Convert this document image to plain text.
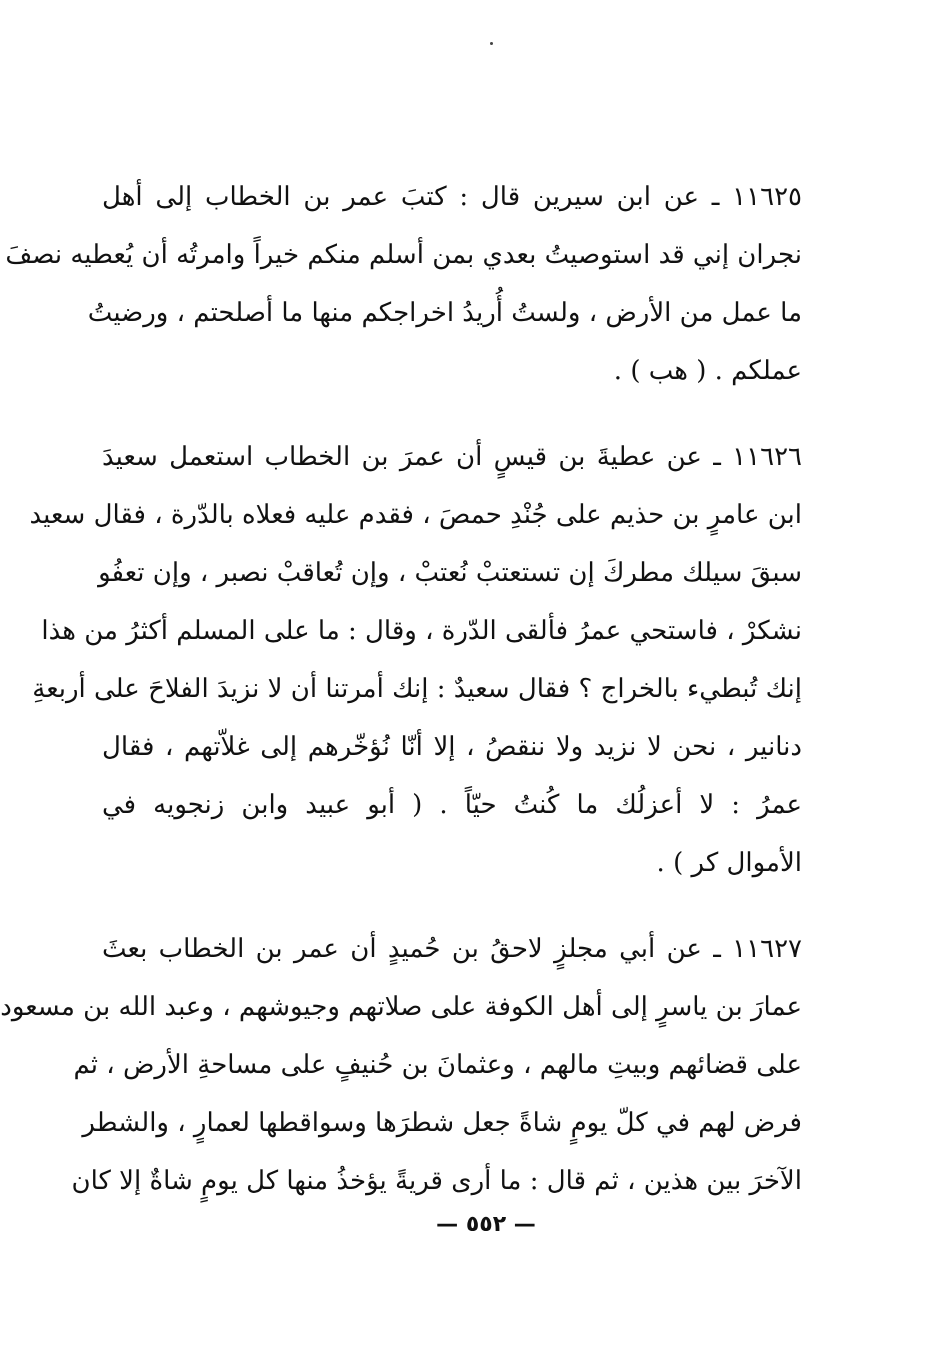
١١٦٢٥ ـ عن ابن سيرين قال : كتبَ عمر بن الخطاب إلى أهل
نجران إني قد استوصيتُ بعدي بمن أسلم منكم خيراً وامرتُه أن يُعطيه نصفَ
ما عمل من الأرض ، ولستُ أُريدُ اخراجكم منها ما أصلحتم ، ورضيتُ
عملكم . ( هب ) .
١١٦٢٦ ـ عن عطيةَ بن قيسٍ أن عمرَ بن الخطاب استعمل سعيدَ
ابن عامرٍ بن حذيم على جُنْدِ حمصَ ، فقدم عليه فعلاه بالدّرة ، فقال سعيد
سبقَ سيلك مطركَ إن تستعتبْ نُعتبْ ، وإن تُعاقبْ نصبر ، وإن تعفُو
نشكرْ ، فاستحي عمرُ فألقى الدّرة ، وقال : ما على المسلم أكثرُ من هذا
إنك تُبطيء بالخراج ؟ فقال سعيدٌ : إنك أمرتنا أن لا نزيدَ الفلاحَ على أربعةِ
دنانير ، نحن لا نزيد ولا ننقصُ ، إلا أنّا نُؤخّرهم إلى غلاّتهم ، فقال
عمرُ : لا أعزلُك ما كُنتُ حيّاً . ( أبو عبيد وابن زنجويه في
الأموال كر ) .
١١٦٢٧ ـ عن أبي مجلزٍ لاحقُ بن حُميدٍ أن عمر بن الخطاب بعثَ
عمارَ بن ياسرٍ إلى أهل الكوفة على صلاتهم وجيوشهم ، وعبد الله بن مسعود
على قضائهم وبيتِ مالهم ، وعثمانَ بن حُنيفٍ على مساحةِ الأرض ، ثم
فرض لهم في كلّ يومٍ شاةً جعل شطرَها وسواقطها لعمارٍ ، والشطر
الآخرَ بين هذين ، ثم قال : ما أرى قريةً يؤخذُ منها كل يومٍ شاةٌ إلا كان
— ٥٥٢ —
